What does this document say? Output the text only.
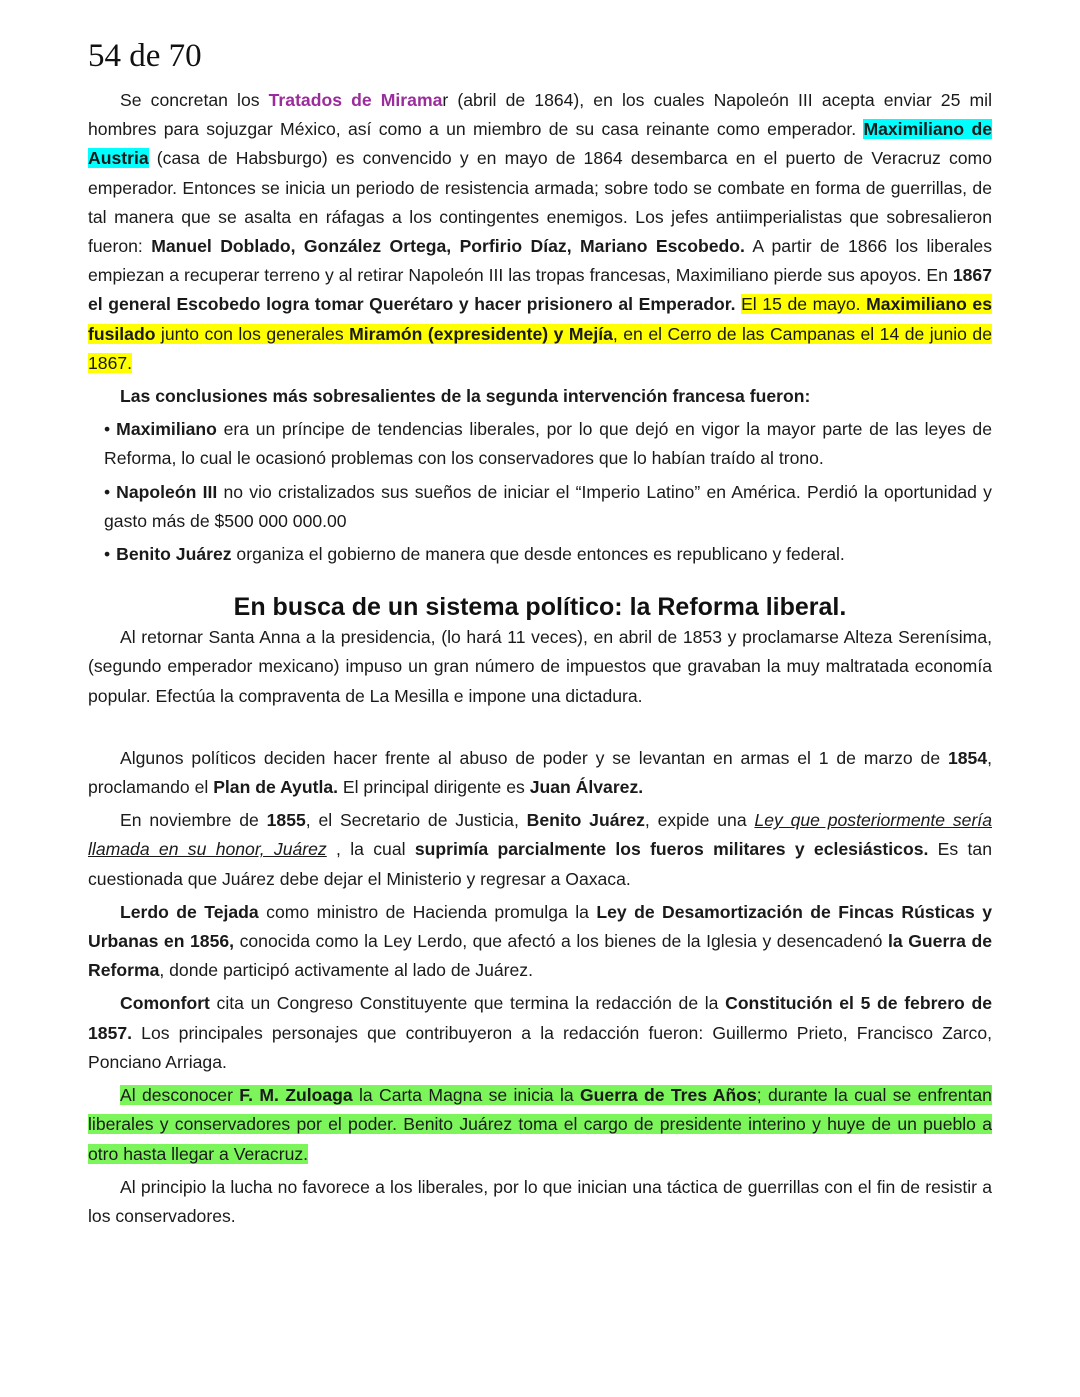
54 de 70

Se concretan los Tratados de Miramar (abril de 1864), en los cuales Napoleón III acepta enviar 25 mil hombres para sojuzgar México, así como a un miembro de su casa reinante como emperador. Maximiliano de Austria (casa de Habsburgo) es convencido y en mayo de 1864 desembarca en el puerto de Veracruz como emperador. Entonces se inicia un periodo de resistencia armada; sobre todo se combate en forma de guerrillas, de tal manera que se asalta en ráfagas a los contingentes enemigos. Los jefes antiimperialistas que sobresalieron fueron: Manuel Doblado, González Ortega, Porfirio Díaz, Mariano Escobedo. A partir de 1866 los liberales empiezan a recuperar terreno y al retirar Napoleón III las tropas francesas, Maximiliano pierde sus apoyos. En 1867 el general Escobedo logra tomar Querétaro y hacer prisionero al Emperador. El 15 de mayo. Maximiliano es fusilado junto con los generales Miramón (expresidente) y Mejía, en el Cerro de las Campanas el 14 de junio de 1867.

Las conclusiones más sobresalientes de la segunda intervención francesa fueron:

• Maximiliano era un príncipe de tendencias liberales, por lo que dejó en vigor la mayor parte de las leyes de Reforma, lo cual le ocasionó problemas con los conservadores que lo habían traído al trono.

• Napoleón III no vio cristalizados sus sueños de iniciar el “Imperio Latino” en América. Perdió la oportunidad y gasto más de $500 000 000.00

• Benito Juárez organiza el gobierno de manera que desde entonces es republicano y federal.

En busca de un sistema político: la Reforma liberal.

Al retornar Santa Anna a la presidencia, (lo hará 11 veces), en abril de 1853 y proclamarse Alteza Serenísima, (segundo emperador mexicano) impuso un gran número de impuestos que gravaban la muy maltratada economía popular. Efectúa la compraventa de La Mesilla e impone una dictadura.

Algunos políticos deciden hacer frente al abuso de poder y se levantan en armas el 1 de marzo de 1854, proclamando el Plan de Ayutla. El principal dirigente es Juan Álvarez.

En noviembre de 1855, el Secretario de Justicia, Benito Juárez, expide una Ley que posteriormente sería llamada en su honor, Juárez , la cual suprimía parcialmente los fueros militares y eclesiásticos. Es tan cuestionada que Juárez debe dejar el Ministerio y regresar a Oaxaca.

Lerdo de Tejada como ministro de Hacienda promulga la Ley de Desamortización de Fincas Rústicas y Urbanas en 1856, conocida como la Ley Lerdo, que afectó a los bienes de la Iglesia y desencadenó la Guerra de Reforma, donde participó activamente al lado de Juárez.

Comonfort cita un Congreso Constituyente que termina la redacción de la Constitución el 5 de febrero de 1857. Los principales personajes que contribuyeron a la redacción fueron: Guillermo Prieto, Francisco Zarco, Ponciano Arriaga.

Al desconocer F. M. Zuloaga la Carta Magna se inicia la Guerra de Tres Años; durante la cual se enfrentan liberales y conservadores por el poder. Benito Juárez toma el cargo de presidente interino y huye de un pueblo a otro hasta llegar a Veracruz.

Al principio la lucha no favorece a los liberales, por lo que inician una táctica de guerrillas con el fin de resistir a los conservadores.
